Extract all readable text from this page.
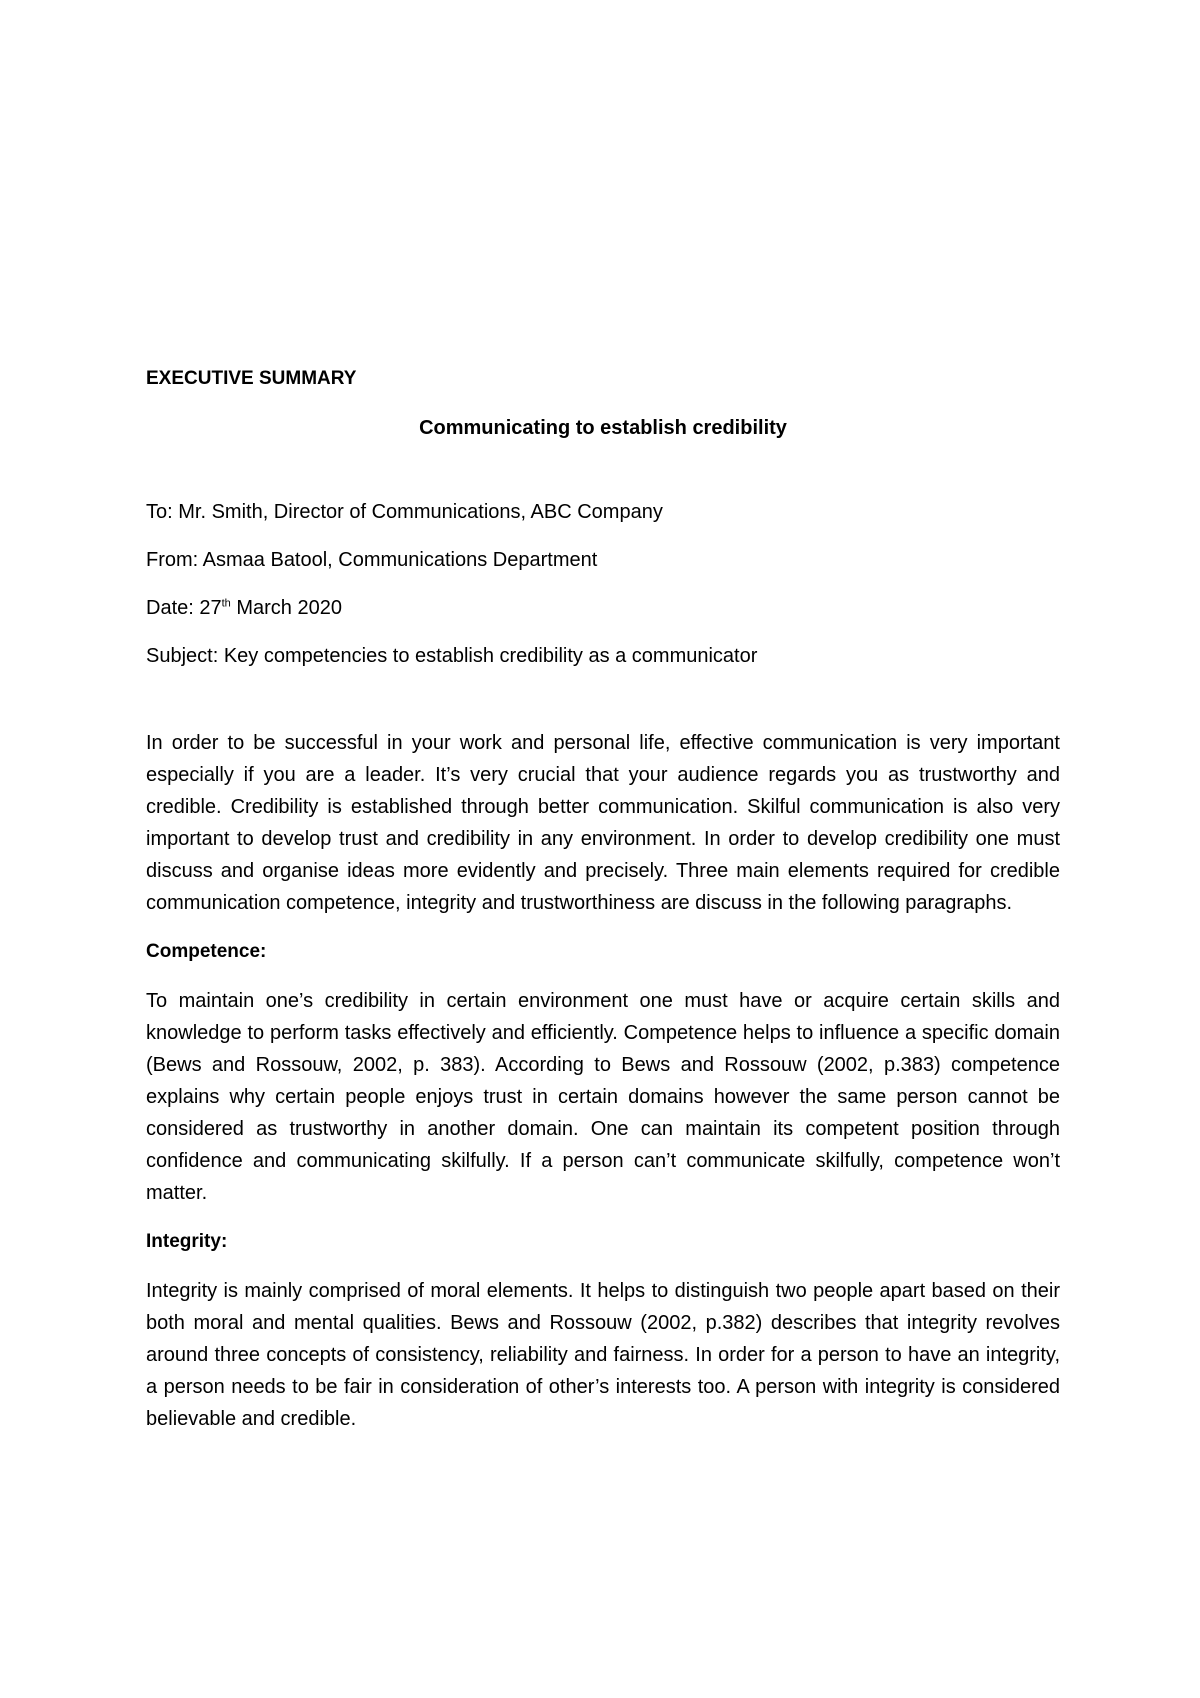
EXECUTIVE SUMMARY
Communicating to establish credibility
To: Mr. Smith, Director of Communications, ABC Company
From: Asmaa Batool, Communications Department
Date: 27th March 2020
Subject: Key competencies to establish credibility as a communicator

In order to be successful in your work and personal life, effective communication is very important especially if you are a leader. It’s very crucial that your audience regards you as trustworthy and credible. Credibility is established through better communication. Skilful communication is also very important to develop trust and credibility in any environment. In order to develop credibility one must discuss and organise ideas more evidently and precisely. Three main elements required for credible communication competence, integrity and trustworthiness are discuss in the following paragraphs.

Competence:

To maintain one’s credibility in certain environment one must have or acquire certain skills and knowledge to perform tasks effectively and efficiently. Competence helps to influence a specific domain (Bews and Rossouw, 2002, p. 383). According to Bews and Rossouw (2002, p.383) competence explains why certain people enjoys trust in certain domains however the same person cannot be considered as trustworthy in another domain. One can maintain its competent position through confidence and communicating skilfully. If a person can’t communicate skilfully, competence won’t matter.

Integrity:

Integrity is mainly comprised of moral elements. It helps to distinguish two people apart based on their both moral and mental qualities. Bews and Rossouw (2002, p.382) describes that integrity revolves around three concepts of consistency, reliability and fairness. In order for a person to have an integrity, a person needs to be fair in consideration of other’s interests too. A person with integrity is considered believable and credible.
